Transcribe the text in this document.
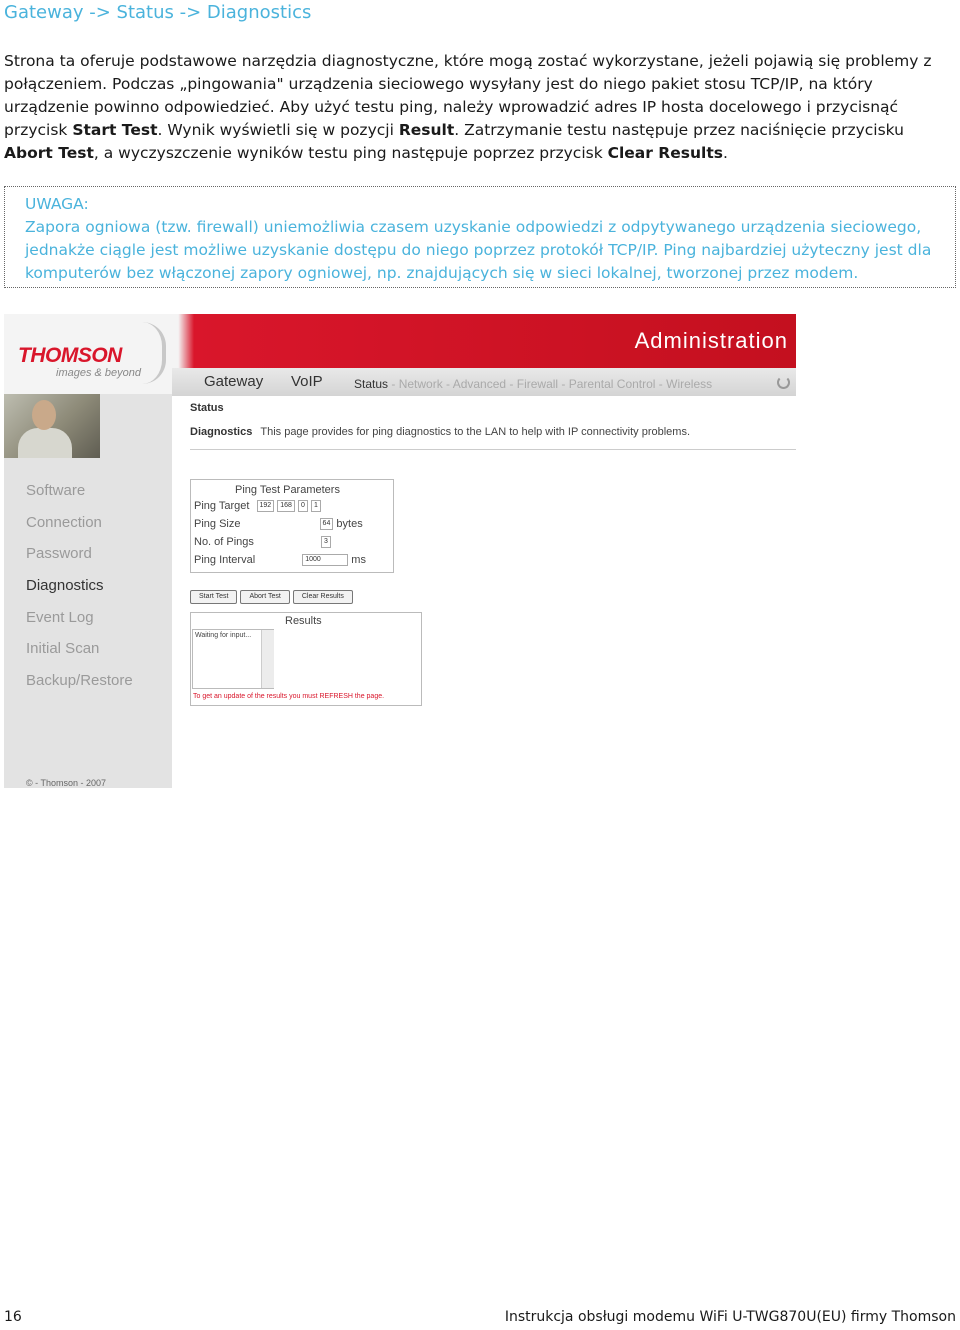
Gateway -> Status -> Diagnostics
Strona ta oferuje podstawowe narzędzia diagnostyczne, które mogą zostać wykorzystane, jeżeli pojawią się problemy z połączeniem. Podczas „pingowania" urządzenia sieciowego wysyłany jest do niego pakiet stosu TCP/IP, na który urządzenie powinno odpowiedzieć. Aby użyć testu ping, należy wprowadzić adres IP hosta docelowego i przycisnąć przycisk Start Test. Wynik wyświetli się w pozycji Result. Zatrzymanie testu następuje przez naciśnięcie przycisku Abort Test, a wyczyszczenie wyników testu ping następuje poprzez przycisk Clear Results.
UWAGA:
Zapora ogniowa (tzw. firewall) uniemożliwia czasem uzyskanie odpowiedzi z odpytywanego urządzenia sieciowego, jednakże ciągle jest możliwe uzyskanie dostępu do niego poprzez protokół TCP/IP. Ping najbardziej użyteczny jest dla komputerów bez włączonej zapory ogniowej, np. znajdujących się w sieci lokalnej, tworzonej przez modem.
THOMSON
images & beyond
Administration
Gateway VoIP	Status - Network - Advanced - Firewall - Parental Control - Wireless
Software
Connection
Password
Diagnostics
Event Log
Initial Scan
Backup/Restore
© - Thomson - 2007
Status
Diagnostics This page provides for ping diagnostics to the LAN to help with IP connectivity problems.
Ping Test Parameters
Ping Target 192 168 0 1
Ping Size	64 bytes
No. of Pings	3
Ping Interval	1000	ms
Start Test	Abort Test	Clear Results
Results
Waiting for input...
To get an update of the results you must REFRESH the page.
16	Instrukcja obsługi modemu WiFi U-TWG870U(EU) firmy Thomson
